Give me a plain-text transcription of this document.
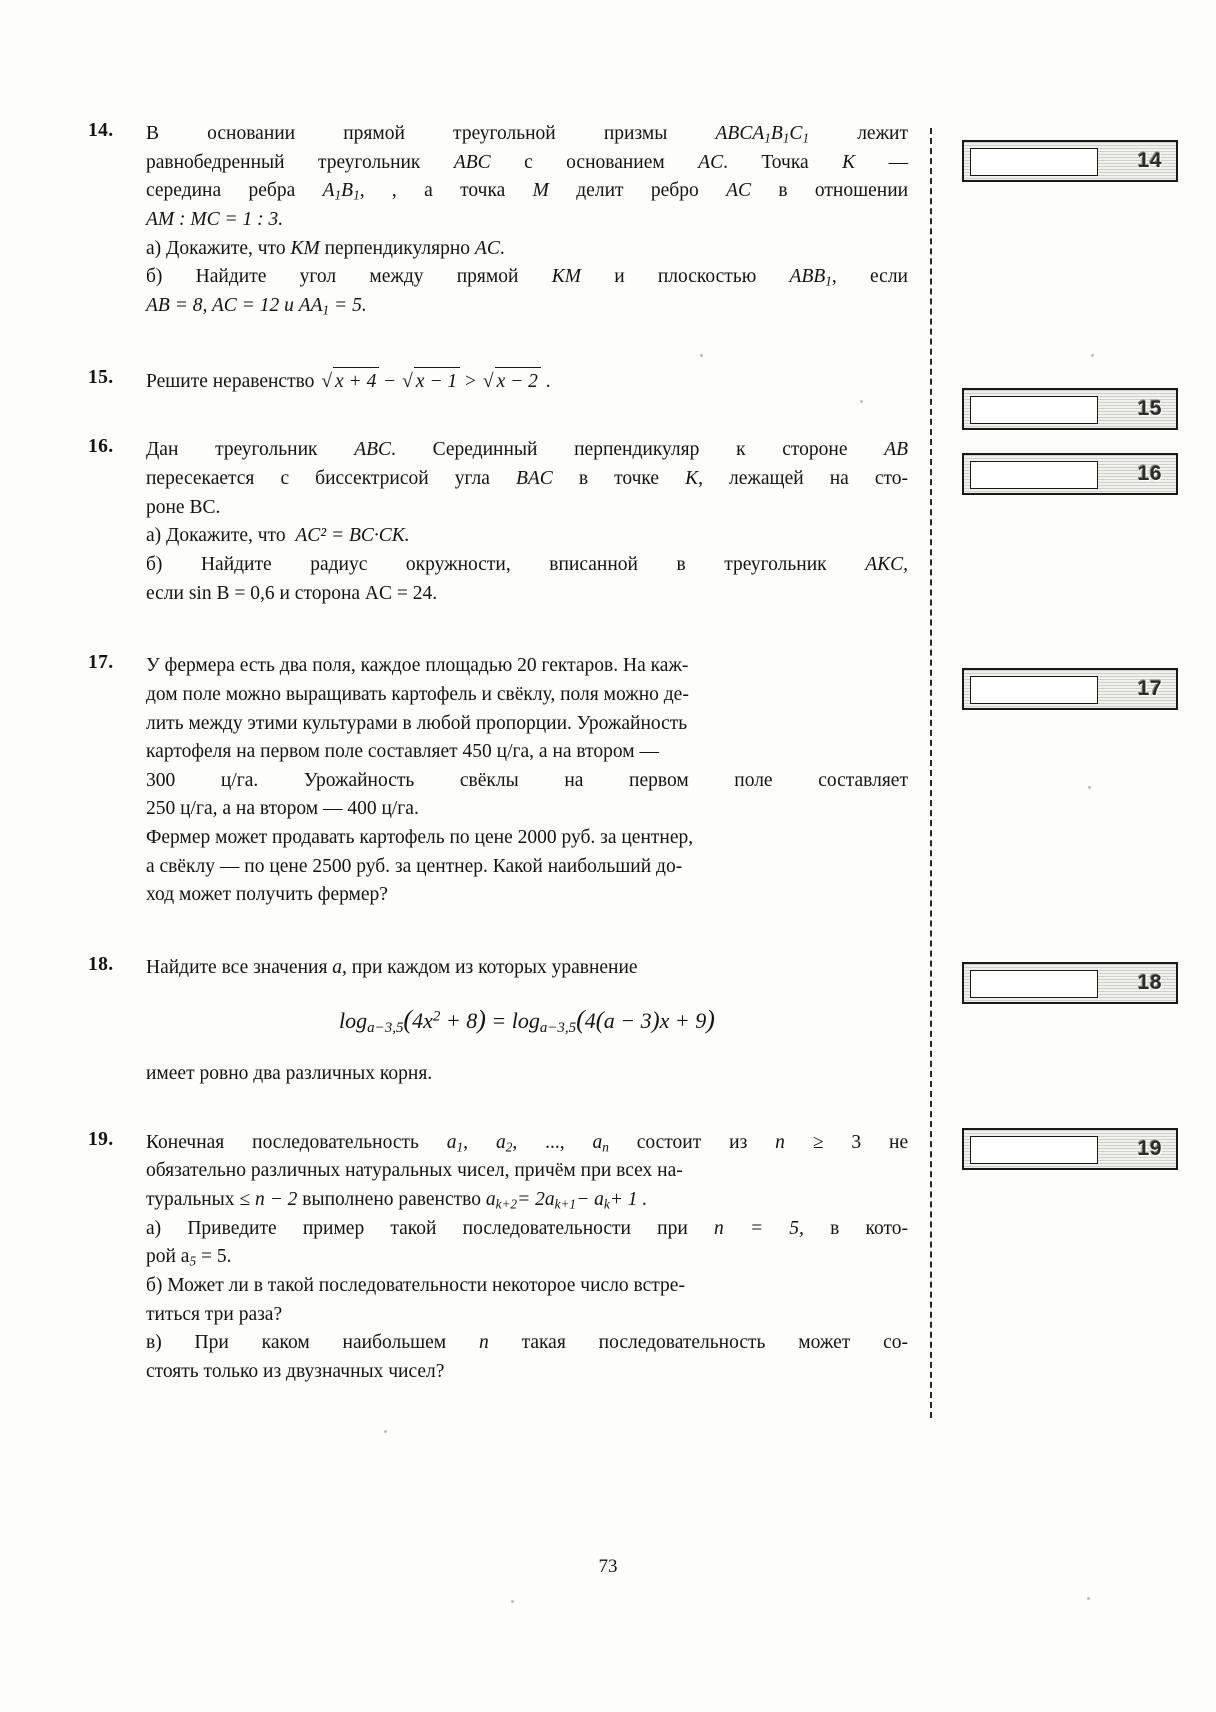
14.	В основании прямой треугольной призмы $ABCA_1B_1C_1$ лежит

равнобедренный треугольник ABC с основанием AC. Точка K —

середина ребра $A_1B_1$, , а точка M делит ребро AC в отношении

AM : MC = 1 : 3.

а) Докажите, что KM перпендикулярно AC.

б) Найдите угол между прямой KM и плоскостью $ABB_1$, если

AB = 8, AC = 12 и $AA_1 = 5$.

15.	Решите неравенство √ x + 4 − √ x − 1 > √ x − 2 .

16.	Дан треугольник ABC. Серединный перпендикуляр к стороне AB

пересекается с биссектрисой угла BAC в точке K, лежащей на сто-

роне BC.

а) Докажите, что AC² = BC·CK.

б) Найдите радиус окружности, вписанной в треугольник AKC,

если sin B = 0,6 и сторона AC = 24.

17.	У фермера есть два поля, каждое площадью 20 гектаров. На каж-

дом поле можно выращивать картофель и свёклу, поля можно де-

лить между этими культурами в любой пропорции. Урожайность

картофеля на первом поле составляет 450 ц/га, а на втором —

300 ц/га. Урожайность свёклы на первом поле составляет

250 ц/га, а на втором — 400 ц/га.

Фермер может продавать картофель по цене 2000 руб. за центнер,

а свёклу — по цене 2500 руб. за центнер. Какой наибольший до-

ход может получить фермер?

18.	Найдите все значения a, при каждом из которых уравнение

$\log_{a-3,5}(4x^2 + 8) = \log_{a-3,5}(4(a - 3)x + 9)$

имеет ровно два различных корня.

19.	Конечная последовательность $a_1$, $a_2$, ..., $a_n$ состоит из n ≥ 3 не

обязательно различных натуральных чисел, причём при всех на-

туральных ≤ n − 2 выполнено равенство $a_{k+2}= 2a_{k+1}- a_k+ 1$ .

а) Приведите пример такой последовательности при n = 5, в кото-

рой $a_5 = 5$.

б) Может ли в такой последовательности некоторое число встре-

титься три раза?

в) При каком наибольшем n такая последовательность может со-

стоять только из двузначных чисел?

14
15
16
17
18
19
73
